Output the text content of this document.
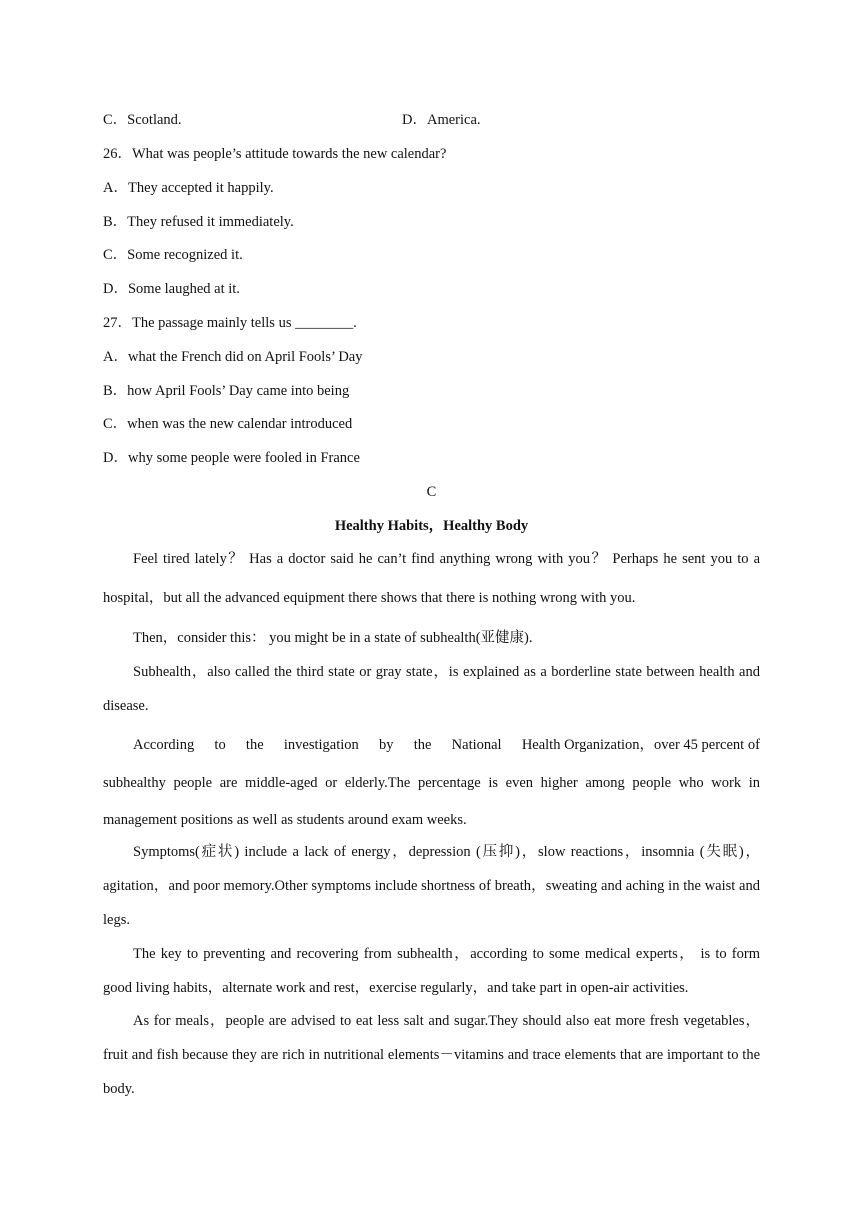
C．Scotland.	D．America.
26．What was people’s attitude towards the new calendar?
A．They accepted it happily.
B．They refused it immediately.
C．Some recognized it.
D．Some laughed at it.
27．The passage mainly tells us ________.
A．what the French did on April Fools’ Day
B．how April Fools’ Day came into being
C．when was the new calendar introduced
D．why some people were fooled in France
C
Healthy Habits，Healthy Body
Feel tired lately？ Has a doctor said he can’t find anything wrong with you？ Perhaps he sent you to a hospital，but all the advanced equipment there shows that there is nothing wrong with you.
Then，consider this： you might be in a state of subhealth(亚健康).
Subhealth，also called the third state or gray state，is explained as a borderline state between health and disease.
According to the investigation by the National Health Organization，over 45 percent of
subhealthy people are middle-aged or elderly.The percentage is even higher among people who work in management positions as well as students around exam weeks.
Symptoms(症状) include a lack of energy，depression (压抑)，slow reactions，insomnia (失眠)，agitation，and poor memory.Other symptoms include shortness of breath，sweating and aching in the waist and legs.
The key to preventing and recovering from subhealth，according to some medical experts， is to form good living habits，alternate work and rest，exercise regularly，and take part in open-air activities.
As for meals，people are advised to eat less salt and sugar.They should also eat more fresh vegetables，fruit and fish because they are rich in nutritional elements－vitamins and trace elements that are important to the body.
